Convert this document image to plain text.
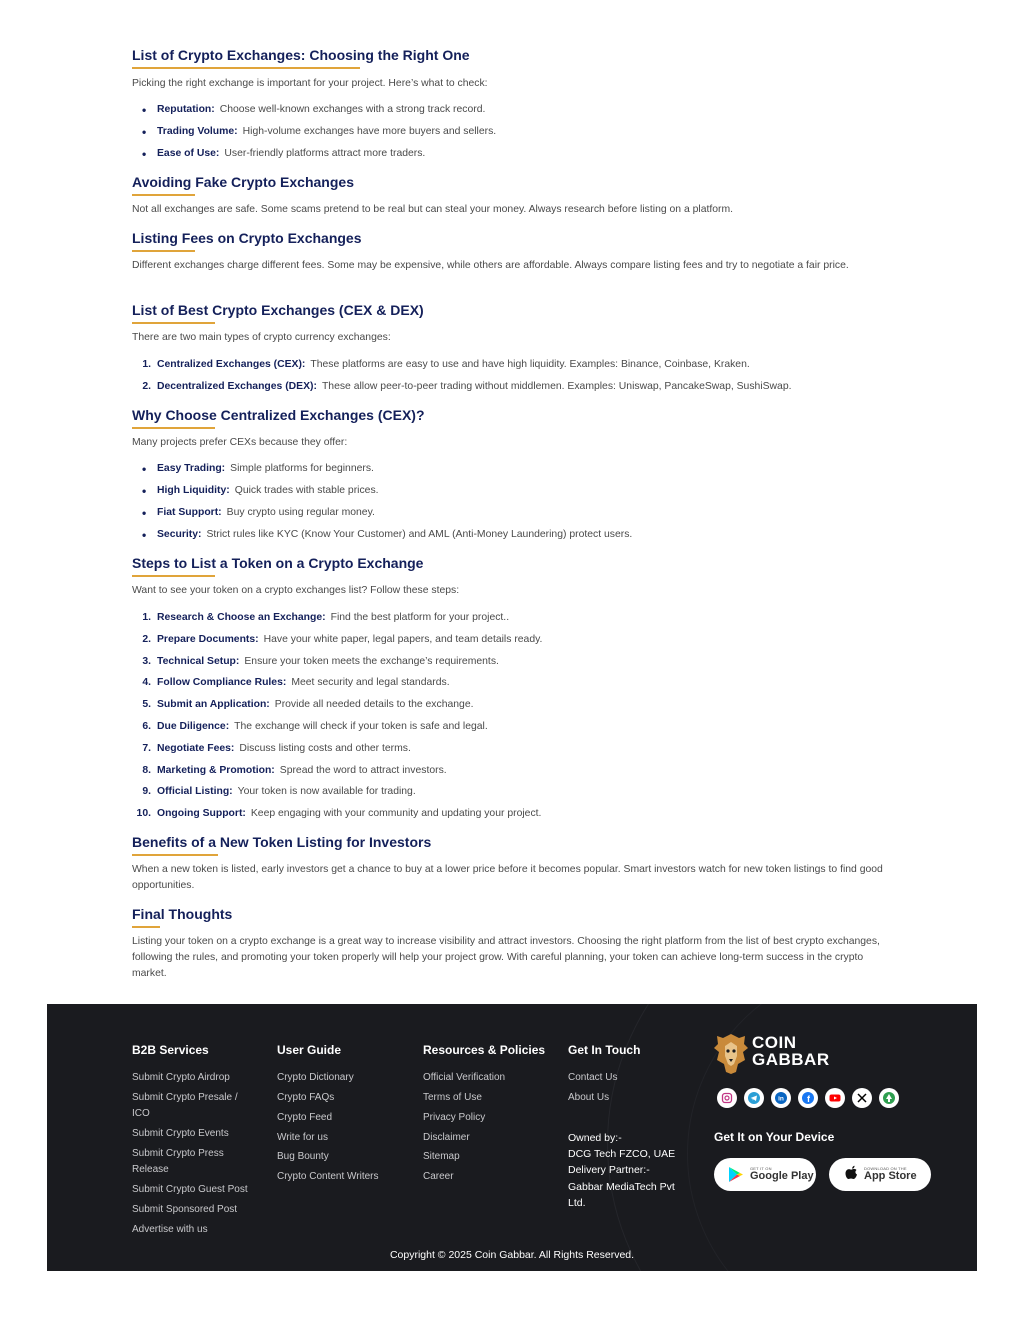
List of Crypto Exchanges: Choosing the Right One

Picking the right exchange is important for your project. Here’s what to check:

• Reputation: Choose well-known exchanges with a strong track record.
• Trading Volume: High-volume exchanges have more buyers and sellers.
• Ease of Use: User-friendly platforms attract more traders.
Avoiding Fake Crypto Exchanges

Not all exchanges are safe. Some scams pretend to be real but can steal your money. Always research before listing on a platform.

Listing Fees on Crypto Exchanges

Different exchanges charge different fees. Some may be expensive, while others are affordable. Always compare listing fees and try to negotiate a fair price.

List of Best Crypto Exchanges (CEX & DEX)

There are two main types of crypto currency exchanges:

1. Centralized Exchanges (CEX): These platforms are easy to use and have high liquidity. Examples: Binance, Coinbase, Kraken.
2. Decentralized Exchanges (DEX): These allow peer-to-peer trading without middlemen. Examples: Uniswap, PancakeSwap, SushiSwap.
Why Choose Centralized Exchanges (CEX)?

Many projects prefer CEXs because they offer:

• Easy Trading: Simple platforms for beginners.
• High Liquidity: Quick trades with stable prices.
• Fiat Support: Buy crypto using regular money.
• Security: Strict rules like KYC (Know Your Customer) and AML (Anti-Money Laundering) protect users.
Steps to List a Token on a Crypto Exchange

Want to see your token on a crypto exchanges list? Follow these steps:

1. Research & Choose an Exchange: Find the best platform for your project..
2. Prepare Documents: Have your white paper, legal papers, and team details ready.
3. Technical Setup: Ensure your token meets the exchange’s requirements.
4. Follow Compliance Rules: Meet security and legal standards.
5. Submit an Application: Provide all needed details to the exchange.
6. Due Diligence: The exchange will check if your token is safe and legal.
7. Negotiate Fees: Discuss listing costs and other terms.
8. Marketing & Promotion: Spread the word to attract investors.
9. Official Listing: Your token is now available for trading.
10. Ongoing Support: Keep engaging with your community and updating your project.
Benefits of a New Token Listing for Investors

When a new token is listed, early investors get a chance to buy at a lower price before it becomes popular. Smart investors watch for new token listings to find good opportunities.

Final Thoughts

Listing your token on a crypto exchange is a great way to increase visibility and attract investors. Choosing the right platform from the list of best crypto exchanges, following the rules, and promoting your token properly will help your project grow. With careful planning, your token can achieve long-term success in the crypto market.

B2B Services
Submit Crypto Airdrop
Submit Crypto Presale /
ICO
Submit Crypto Events
Submit Crypto Press
Release
Submit Crypto Guest Post
Submit Sponsored Post
Advertise with us
User Guide
Crypto Dictionary
Crypto FAQs
Crypto Feed
Write for us
Bug Bounty
Crypto Content Writers
Resources & Policies
Official Verification
Terms of Use
Privacy Policy
Disclaimer
Sitemap
Career
Get In Touch
Contact Us
About Us
Owned by:-
DCG Tech FZCO, UAE
Delivery Partner:-
Gabbar MediaTech Pvt
Ltd.
COIN
GABBAR
in	f
Get It on Your Device
GET IT ON
Google Play
DOWNLOAD ON THE
App Store
Copyright © 2025 Coin Gabbar. All Rights Reserved.
